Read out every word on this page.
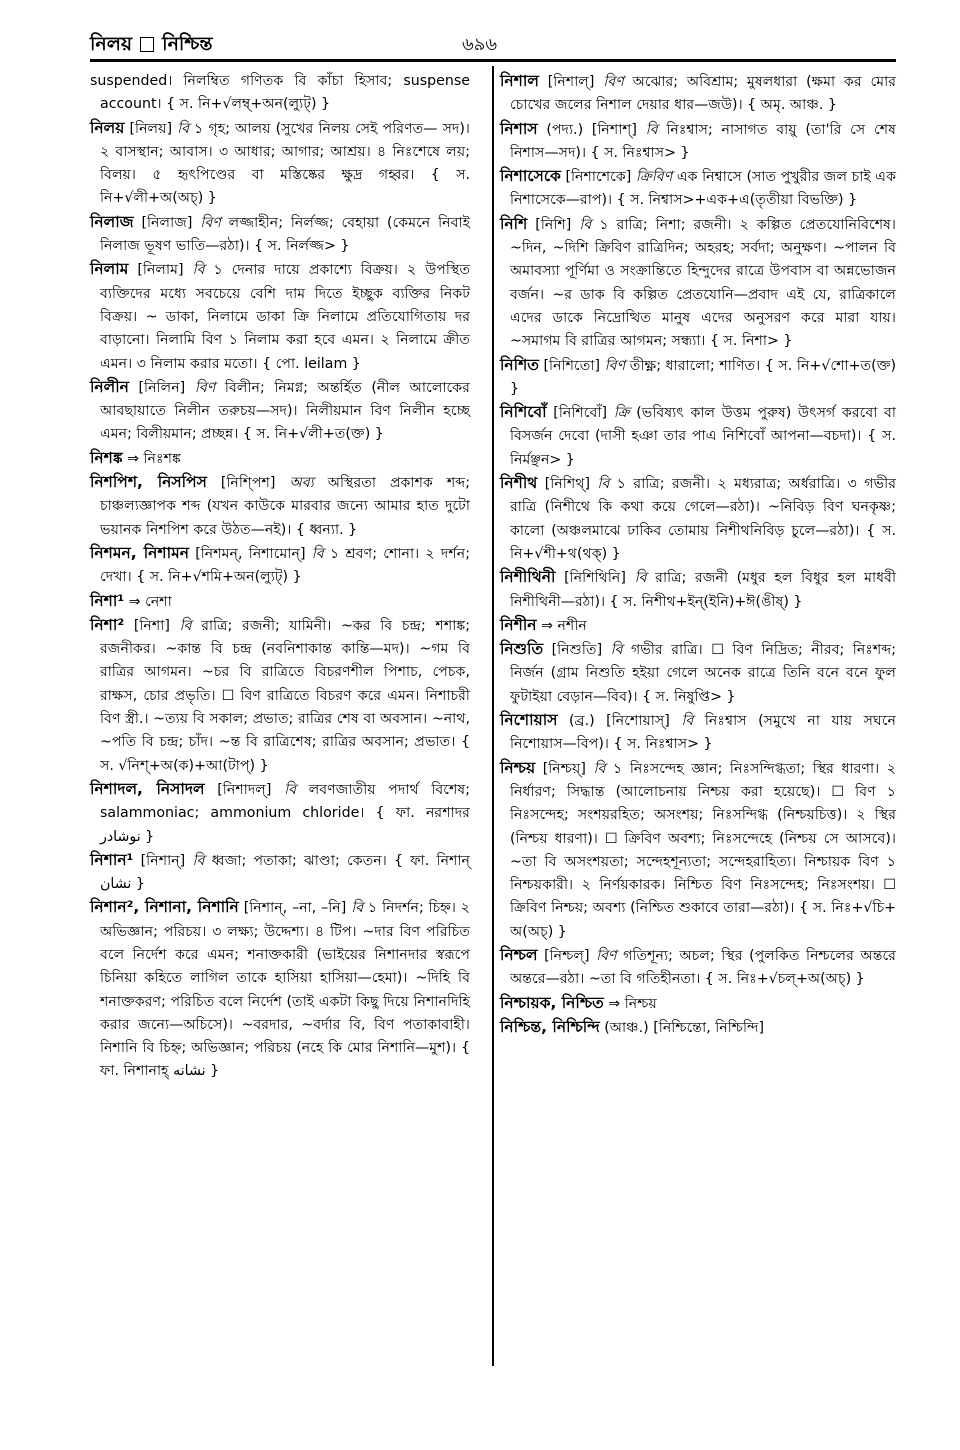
নিলয় নিশ্চিন্ত	৬৯৬

suspended। নিলম্বিত গণিতক বি কাঁচা হিসাব; suspense account। { স. নি+√লম্ব্+অন(ল্যুট্) }

নিলয় [নিলয়] বি ১ গৃহ; আলয় (সুখের নিলয় সেই পরিণত— সদ)। ২ বাসস্থান; আবাস। ৩ আধার; আগার; আশ্রয়। ৪ নিঃশেষে লয়; বিলয়। ৫ হৃৎপিণ্ডের বা মস্তিষ্কের ক্ষুদ্র গহ্বর। { স. নি+√লী+অ(অচ্) }

নিলাজ [নিলাজ] বিণ লজ্জাহীন; নির্লজ্জ; বেহায়া (কেমনে নিবাই নিলাজ ভূষণ ভাতি—রঠা)। { স. নির্লজ্জ> }

নিলাম [নিলাম] বি ১ দেনার দায়ে প্রকাশ্যে বিক্রয়। ২ উপস্থিত ব্যক্তিদের মধ্যে সবচেয়ে বেশি দাম দিতে ইচ্ছুক ব্যক্তির নিকট বিক্রয়। ~ ডাকা, নিলামে ডাকা ক্রি নিলামে প্রতিযোগিতায় দর বাড়ানো। নিলামি বিণ ১ নিলাম করা হবে এমন। ২ নিলামে ক্রীত এমন। ৩ নিলাম করার মতো। { পো. leilam }

নিলীন [নিলিন] বিণ বিলীন; নিমগ্ন; অন্তর্হিত (নীল আলোকের আবছায়াতে নিলীন তরুচয়—সদ)। নিলীয়মান বিণ নিলীন হচ্ছে এমন; বিলীয়মান; প্রচ্ছন্ন। { স. নি+√লী+ত(ক্ত) }

নিশঙ্ক ⇒ নিঃশঙ্ক

নিশপিশ, নিসপিস [নিশ্পিশ] অব্য অস্থিরতা প্রকাশক শব্দ; চাঞ্চল্যজ্ঞাপক শব্দ (যখন কাউকে মারবার জন্যে আমার হাত দুটো ভয়ানক নিশপিশ করে উঠত—নই)। { ধ্বন্যা. }

নিশমন, নিশামন [নিশমন্, নিশামোন্] বি ১ শ্রবণ; শোনা। ২ দর্শন; দেখা। { স. নি+√শমি+অন(ল্যুট্) }

নিশা¹ ⇒ নেশা

নিশা² [নিশা] বি রাত্রি; রজনী; যামিনী। ~কর বি চন্দ্র; শশাঙ্ক; রজনীকর। ~কান্ত বি চন্দ্র (নবনিশাকান্ত কান্তি—মদ)। ~গম বি রাত্রির আগমন। ~চর বি রাত্রিতে বিচরণশীল পিশাচ, পেচক, রাক্ষস, চোর প্রভৃতি। ☐ বিণ রাত্রিতে বিচরণ করে এমন। নিশাচরী বিণ স্ত্রী.। ~ত্যয় বি সকাল; প্রভাত; রাত্রির শেষ বা অবসান। ~নাথ, ~পতি বি চন্দ্র; চাঁদ। ~ন্ত বি রাত্রিশেষ; রাত্রির অবসান; প্রভাত। { স. √নিশ্+অ(ক)+আ(টাপ্) }

নিশাদল, নিসাদল [নিশাদল্] বি লবণজাতীয় পদার্থ বিশেষ; salammoniac; ammonium chloride। { ফা. নরশাদর نوشادر }

নিশান¹ [নিশান্] বি ধ্বজা; পতাকা; ঝাণ্ডা; কেতন। { ফা. নিশান্ نشان }

নিশান², নিশানা, নিশানি [নিশান্, –না, –নি] বি ১ নিদর্শন; চিহ্ন। ২ অভিজ্ঞান; পরিচয়। ৩ লক্ষ্য; উদ্দেশ্য। ৪ টিপ। ~দার বিণ পরিচিত বলে নির্দেশ করে এমন; শনাক্তকারী (ভাইয়ের নিশানদার স্বরূপে চিনিয়া কহিতে লাগিল তাকে হাসিয়া হাসিয়া—হেমা)। ~দিহি বি শনাক্তকরণ; পরিচিত বলে নির্দেশ (তাই একটা কিছু দিয়ে নিশানদিহি করার জন্যে—অচিসে)। ~বরদার, ~বর্দার বি, বিণ পতাকাবাহী। নিশানি বি চিহ্ন; অভিজ্ঞান; পরিচয় (নহে কি মোর নিশানি—মুশ)। { ফা. নিশানাহ্ نشانه }

নিশাল [নিশাল্] বিণ অঝোর; অবিশ্রাম; মুষলধারা (ক্ষমা কর মোর চোখের জলের নিশাল দেয়ার ধার—জউ)। { অমৃ. আঞ্চ. }

নিশাস (পদ্য.) [নিশাশ্] বি নিঃশ্বাস; নাসাগত বায়ু (তা'রি সে শেষ নিশাস—সদ)। { স. নিঃশ্বাস> }

নিশাসেকে [নিশাশেকে] ক্রিবিণ এক নিশ্বাসে (সাত পুখুরীর জল চাই এক নিশাসেকে—রাপ)। { স. নিশ্বাস>+এক+এ(তৃতীয়া বিভক্তি) }

নিশি [নিশি] বি ১ রাত্রি; নিশা; রজনী। ২ কল্পিত প্রেতযোনিবিশেষ। ~দিন, ~দিশি ক্রিবিণ রাত্রিদিন; অহরহ; সর্বদা; অনুক্ষণ। ~পালন বি অমাবস্যা পূর্ণিমা ও সংক্রান্তিতে হিন্দুদের রাত্রে উপবাস বা অন্নভোজন বর্জন। ~র ডাক বি কল্পিত প্রেতযোনি—প্রবাদ এই যে, রাত্রিকালে এদের ডাকে নিদ্রোত্থিত মানুষ এদের অনুসরণ করে মারা যায়। ~সমাগম বি রাত্রির আগমন; সন্ধ্যা। { স. নিশা> }

নিশিত [নিশিতো] বিণ তীক্ষ্ণ; ধারালো; শাণিত। { স. নি+√শো+ত(ক্ত) }

নিশিবোঁ [নিশিবোঁ] ক্রি (ভবিষ্যৎ কাল উত্তম পুরুষ) উৎসর্গ করবো বা বিসর্জন দেবো (দাসী হঞা তার পাএ নিশিবোঁ আপনা—বচদা)। { স. নির্মঞ্ছন> }

নিশীথ [নিশিথ্] বি ১ রাত্রি; রজনী। ২ মধ্যরাত্র; অর্ধরাত্রি। ৩ গভীর রাত্রি (নিশীথে কি কথা কয়ে গেলে—রঠা)। ~নিবিড় বিণ ঘনকৃষ্ণ; কালো (অঞ্চলমাঝে ঢাকিব তোমায় নিশীথনিবিড় চুলে—রঠা)। { স. নি+√শী+থ(থক্) }

নিশীথিনী [নিশিথিনি] বি রাত্রি; রজনী (মধুর হল বিধুর হল মাধবী নিশীথিনী—রঠা)। { স. নিশীথ+ইন্(ইনি)+ঈ(ঙীষ্) }

নিশীন ⇒ নশীন

নিশুতি [নিশুতি] বি গভীর রাত্রি। ☐ বিণ নিদ্রিত; নীরব; নিঃশব্দ; নির্জন (গ্রাম নিশুতি হইয়া গেলে অনেক রাত্রে তিনি বনে বনে ফুল ফুটাইয়া বেড়ান—বিব)। { স. নিষুপ্তি> }

নিশোয়াস (ব্র.) [নিশোয়াস্] বি নিঃশ্বাস (সমুখে না যায় সঘনে নিশোয়াস—বিপ)। { স. নিঃশ্বাস> }

নিশ্চয় [নিশ্চয়্] বি ১ নিঃসন্দেহ জ্ঞান; নিঃসন্দিগ্ধতা; স্থির ধারণা। ২ নির্ধারণ; সিদ্ধান্ত (আলোচনায় নিশ্চয় করা হয়েছে)। ☐ বিণ ১ নিঃসন্দেহ; সংশয়রহিত; অসংশয়; নিঃসন্দিগ্ধ (নিশ্চয়চিত্ত)। ২ স্থির (নিশ্চয় ধারণা)। ☐ ক্রিবিণ অবশ্য; নিঃসন্দেহে (নিশ্চয় সে আসবে)। ~তা বি অসংশয়তা; সন্দেহশূন্যতা; সন্দেহরাহিত্য। নিশ্চায়ক বিণ ১ নিশ্চয়কারী। ২ নির্ণয়কারক। নিশ্চিত বিণ নিঃসন্দেহ; নিঃসংশয়। ☐ ক্রিবিণ নিশ্চয়; অবশ্য (নিশ্চিত শুকাবে তারা—রঠা)। { স. নিঃ+√চি+ অ(অচ্) }

নিশ্চল [নিশ্চল্] বিণ গতিশূন্য; অচল; স্থির (পুলকিত নিশ্চলের অন্তরে অন্তরে—রঠা। ~তা বি গতিহীনতা। { স. নিঃ+√চল্+অ(অচ্) }

নিশ্চায়ক, নিশ্চিত ⇒ নিশ্চয়

নিশ্চিন্ত, নিশ্চিন্দি (আঞ্চ.) [নিশ্চিন্তো, নিশ্চিন্দি]
